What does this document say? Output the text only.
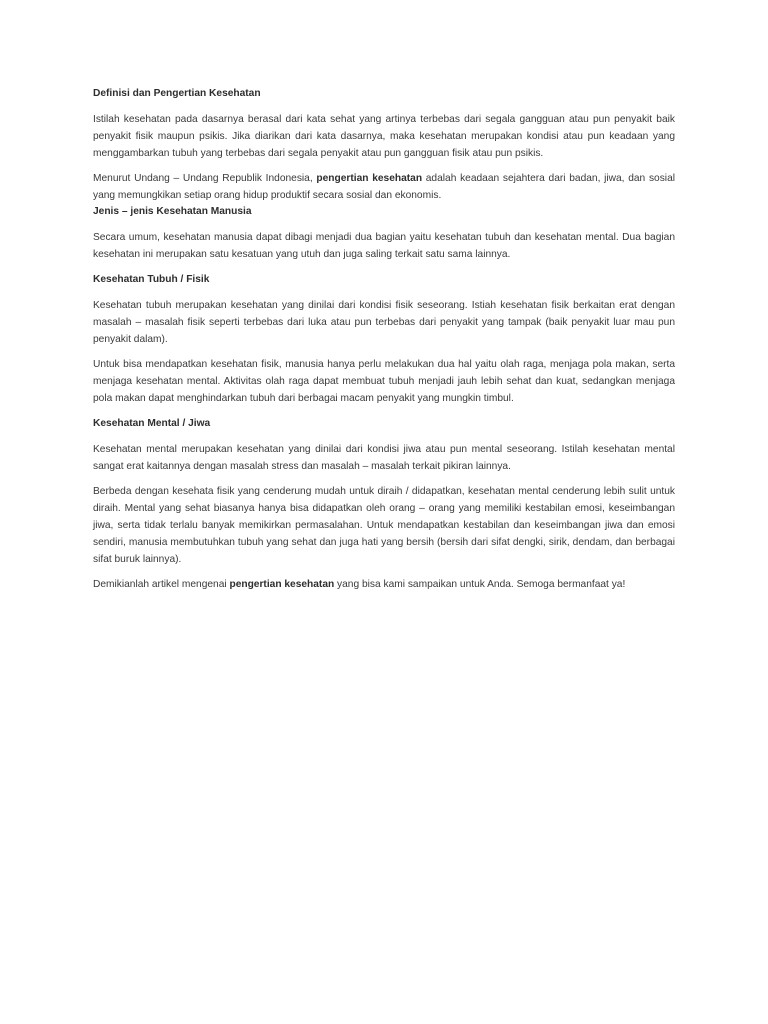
Definisi dan Pengertian Kesehatan

Istilah kesehatan pada dasarnya berasal dari kata sehat yang artinya terbebas dari segala gangguan atau pun penyakit baik penyakit fisik maupun psikis. Jika diarikan dari kata dasarnya, maka kesehatan merupakan kondisi atau pun keadaan yang menggambarkan tubuh yang terbebas dari segala penyakit atau pun gangguan fisik atau pun psikis.

Menurut Undang – Undang Republik Indonesia, pengertian kesehatan adalah keadaan sejahtera dari badan, jiwa, dan sosial yang memungkikan setiap orang hidup produktif secara sosial dan ekonomis.

Jenis – jenis Kesehatan Manusia

Secara umum, kesehatan manusia dapat dibagi menjadi dua bagian yaitu kesehatan tubuh dan kesehatan mental. Dua bagian kesehatan ini merupakan satu kesatuan yang utuh dan juga saling terkait satu sama lainnya.

Kesehatan Tubuh / Fisik

Kesehatan tubuh merupakan kesehatan yang dinilai dari kondisi fisik seseorang. Istiah kesehatan fisik berkaitan erat dengan masalah – masalah fisik seperti terbebas dari luka atau pun terbebas dari penyakit yang tampak (baik penyakit luar mau pun penyakit dalam).

Untuk bisa mendapatkan kesehatan fisik, manusia hanya perlu melakukan dua hal yaitu olah raga, menjaga pola makan, serta menjaga kesehatan mental. Aktivitas olah raga dapat membuat tubuh menjadi jauh lebih sehat dan kuat, sedangkan menjaga pola makan dapat menghindarkan tubuh dari berbagai macam penyakit yang mungkin timbul.

Kesehatan Mental / Jiwa

Kesehatan mental merupakan kesehatan yang dinilai dari kondisi jiwa atau pun mental seseorang. Istilah kesehatan mental sangat erat kaitannya dengan masalah stress dan masalah – masalah terkait pikiran lainnya.

Berbeda dengan kesehata fisik yang cenderung mudah untuk diraih / didapatkan, kesehatan mental cenderung lebih sulit untuk diraih. Mental yang sehat biasanya hanya bisa didapatkan oleh orang – orang yang memiliki kestabilan emosi, keseimbangan jiwa, serta tidak terlalu banyak memikirkan permasalahan. Untuk mendapatkan kestabilan dan keseimbangan jiwa dan emosi sendiri, manusia membutuhkan tubuh yang sehat dan juga hati yang bersih (bersih dari sifat dengki, sirik, dendam, dan berbagai sifat buruk lainnya).

Demikianlah artikel mengenai pengertian kesehatan yang bisa kami sampaikan untuk Anda. Semoga bermanfaat ya!
